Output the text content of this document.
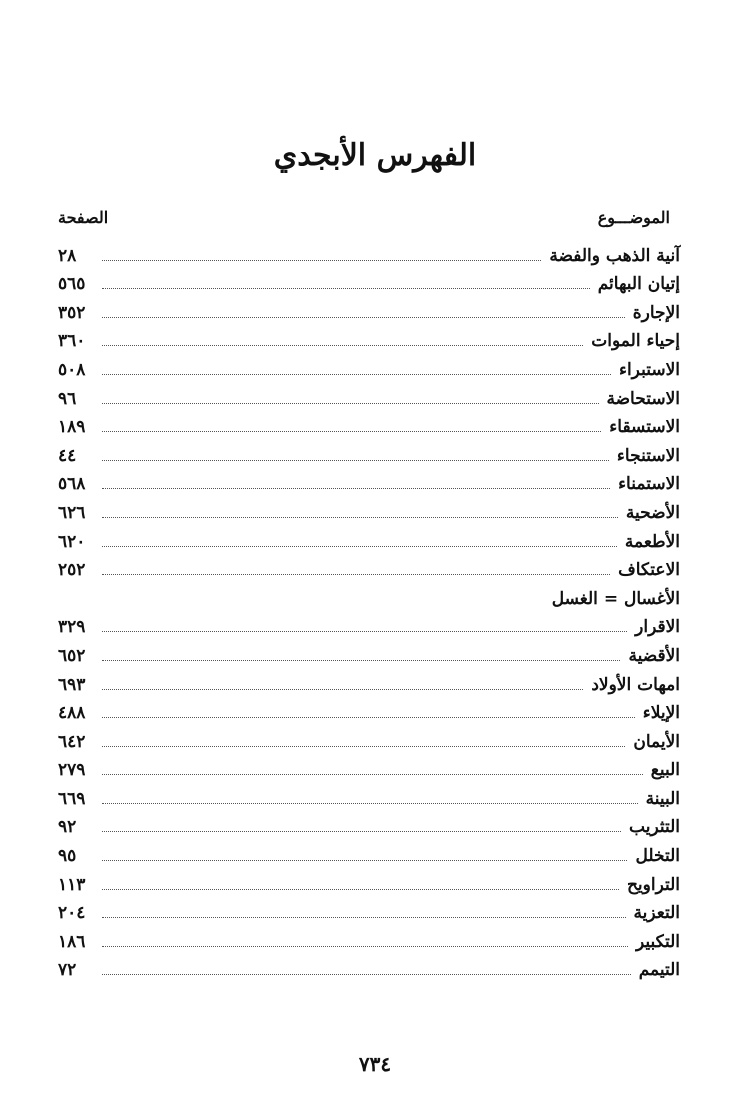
الفهرس الأبجدي
الموضـــوع
الصفحة
آنية الذهب والفضة
٢٨
إتيان البهائم
٥٦٥
الإجارة
٣٥٢
إحياء الموات
٣٦٠
الاستبراء
٥٠٨
الاستحاضة
٩٦
الاستسقاء
١٨٩
الاستنجاء
٤٤
الاستمناء
٥٦٨
الأضحية
٦٢٦
الأطعمة
٦٢٠
الاعتكاف
٢٥٢
الأغسال = الغسل
الاقرار
٣٢٩
الأقضية
٦٥٢
امهات الأولاد
٦٩٣
الإيلاء
٤٨٨
الأيمان
٦٤٢
البيع
٢٧٩
البينة
٦٦٩
التثريب
٩٢
التخلل
٩٥
التراويح
١١٣
التعزية
٢٠٤
التكبير
١٨٦
التيمم
٧٢
٧٣٤
